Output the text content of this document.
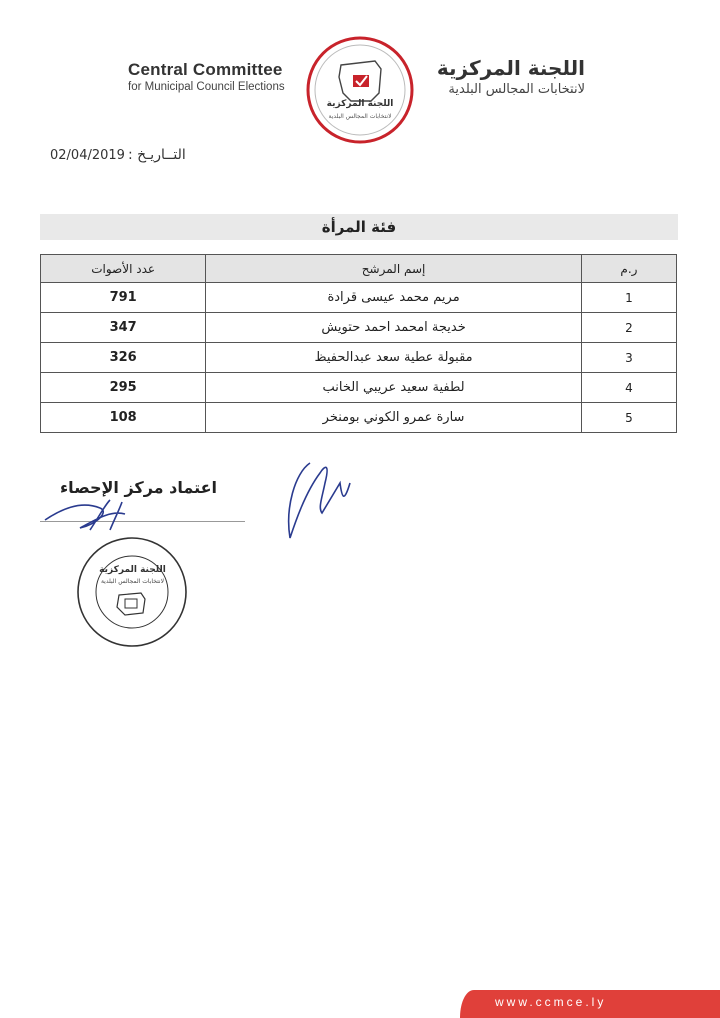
Central Committee
for Municipal Council Elections
اللجنة المركزية
لانتخابات المجالس البلدية
اللجنة المركزية
لانتخابات المجالس البلدية
التــاريـخ :
02/04/2019
فئة المرأة
ر.م	إسم المرشح	عدد الأصوات
1	مريم محمد عيسى قرادة	791
2	خديجة امحمد احمد حتويش	347
3	مقبولة عطية سعد عبدالحفيظ	326
4	لطفية سعيد عريبي الخانب	295
5	سارة عمرو الكوني بومنخر	108
اعتماد مركز الإحصاء
اللجنة المركزية
لانتخابات المجالس البلدية
www.ccmce.ly
